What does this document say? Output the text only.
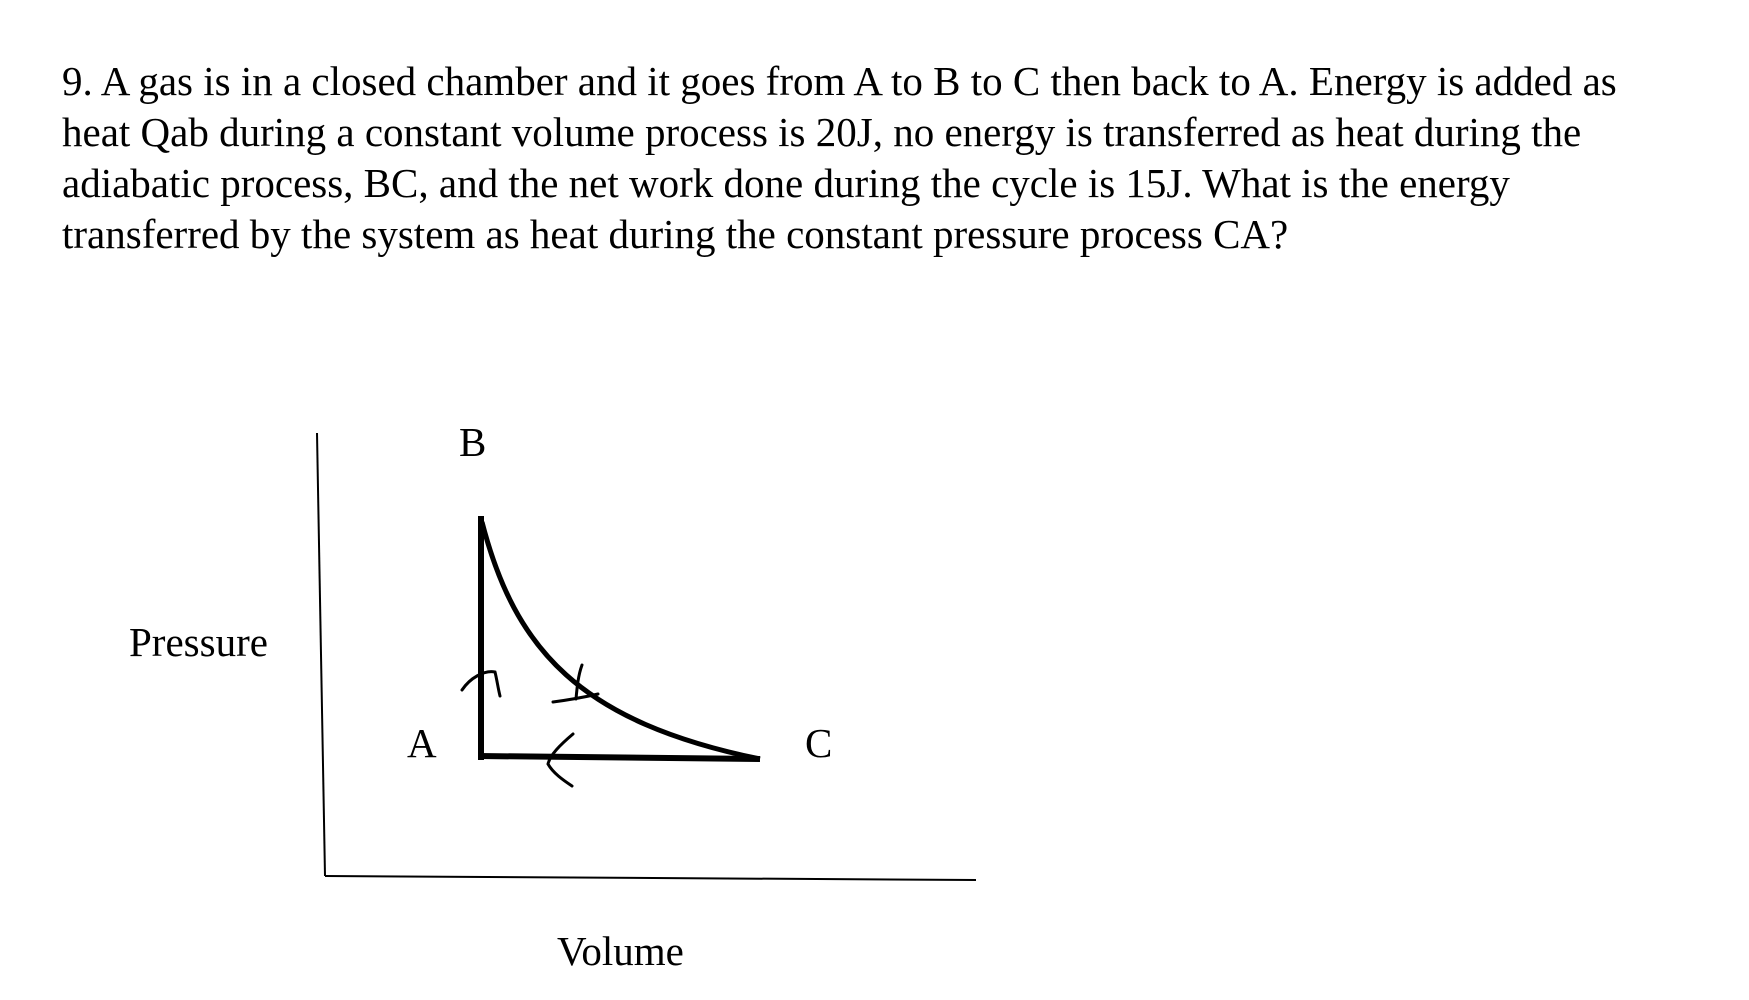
9. A gas is in a closed chamber and it goes from A to B to C then back to A. Energy is added as
heat Qab during a constant volume process is 20J, no energy is transferred as heat during the
adiabatic process, BC, and the net work done during the cycle is 15J. What is the energy
transferred by the system as heat during the constant pressure process CA?
Pressure
Volume
B
A	C
